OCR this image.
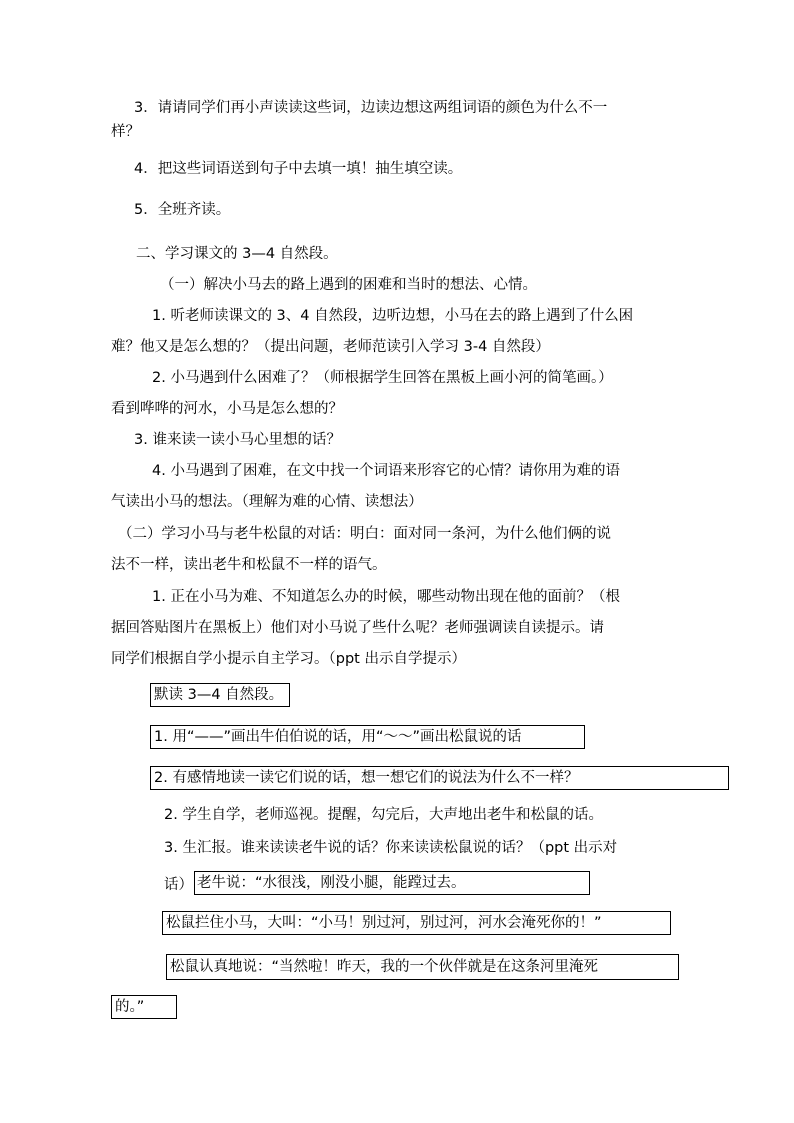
3．请请同学们再小声读读这些词，边读边想这两组词语的颜色为什么不一

样？

4．把这些词语送到句子中去填一填！抽生填空读。

5．全班齐读。

二、学习课文的 3—4 自然段。

（一）解决小马去的路上遇到的困难和当时的想法、心情。

1. 听老师读课文的 3、4 自然段，边听边想，小马在去的路上遇到了什么困

难？他又是怎么想的？（提出问题，老师范读引入学习 3-4 自然段）

2. 小马遇到什么困难了？（师根据学生回答在黑板上画小河的简笔画。）

看到哗哗的河水，小马是怎么想的？

3. 谁来读一读小马心里想的话？

4. 小马遇到了困难，在文中找一个词语来形容它的心情？请你用为难的语

气读出小马的想法。（理解为难的心情、读想法）

（二）学习小马与老牛松鼠的对话：明白：面对同一条河，为什么他们俩的说

法不一样，读出老牛和松鼠不一样的语气。

1. 正在小马为难、不知道怎么办的时候，哪些动物出现在他的面前？（根

据回答贴图片在黑板上）他们对小马说了些什么呢？老师强调读自读提示。请

同学们根据自学小提示自主学习。（ppt 出示自学提示）

默读 3—4 自然段。

1. 用“——”画出牛伯伯说的话，用“～～”画出松鼠说的话

2. 有感情地读一读它们说的话，想一想它们的说法为什么不一样？

2. 学生自学，老师巡视。提醒，勾完后，大声地出老牛和松鼠的话。

3. 生汇报。谁来读读老牛说的话？你来读读松鼠说的话？（ppt 出示对

话） 老牛说：“水很浅，刚没小腿，能蹚过去。

松鼠拦住小马，大叫：“小马！别过河，别过河，河水会淹死你的！”

松鼠认真地说：“当然啦！昨天，我的一个伙伴就是在这条河里淹死

的。”
